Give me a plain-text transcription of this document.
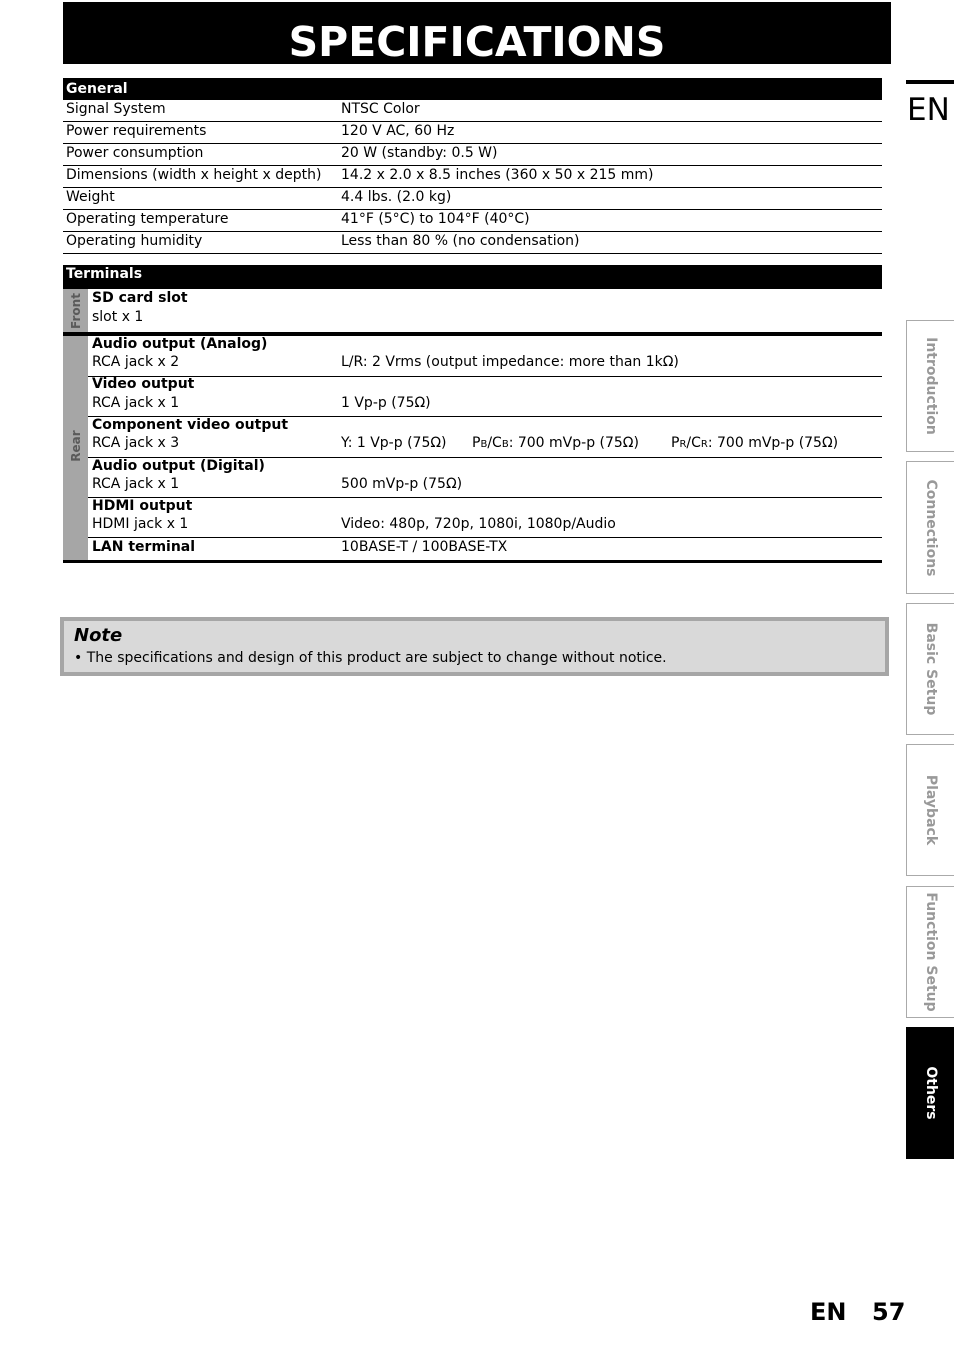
SPECIFICATIONS
EN
General
Signal System	NTSC Color
Power requirements	120 V AC, 60 Hz
Power consumption	20 W (standby: 0.5 W)
Dimensions (width x height x depth) 14.2 x 2.0 x 8.5 inches (360 x 50 x 215 mm)
Weight	4.4 lbs. (2.0 kg)
Operating temperature	41°F (5°C) to 104°F (40°C)
Operating humidity	Less than 80 % (no condensation)
Terminals
Front SD card slot
slot x 1
Rear
Audio output (Analog)
RCA jack x 2	L/R: 2 Vrms (output impedance: more than 1kΩ)
Video output
RCA jack x 1	1 Vp-p (75Ω)
Component video output
RCA jack x 3	Y: 1 Vp-p (75Ω) PB/CB: 700 mVp-p (75Ω) PR/CR: 700 mVp-p (75Ω)
Audio output (Digital)
RCA jack x 1	500 mVp-p (75Ω)
HDMI output
HDMI jack x 1	Video: 480p, 720p, 1080i, 1080p/Audio
LAN terminal	10BASE-T / 100BASE-TX
Note
• The specifications and design of this product are subject to change without notice.
Introduction
Connections
Basic Setup
Playback
Function Setup
Others
EN 57
